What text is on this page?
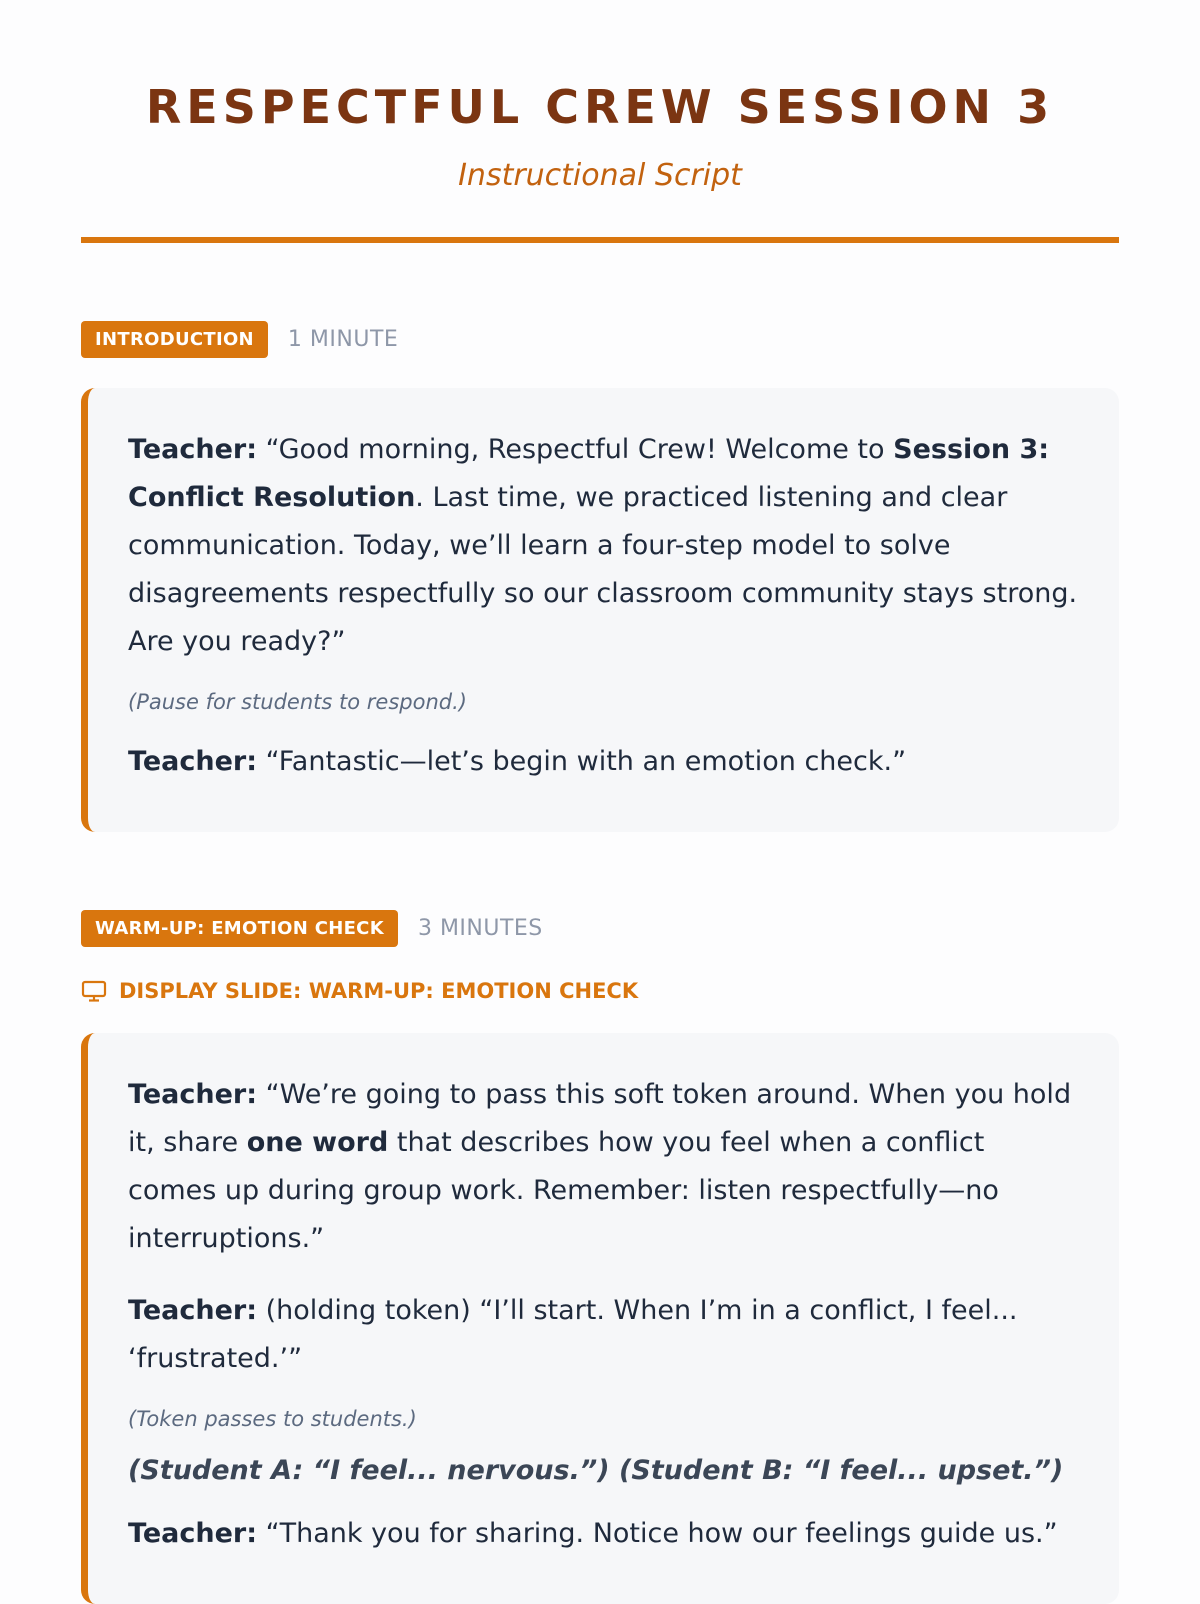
RESPECTFUL CREW SESSION 3
Instructional Script
INTRODUCTION	1 MINUTE

Teacher: “Good morning, Respectful Crew! Welcome to Session 3: Conflict Resolution. Last time, we practiced listening and clear communication. Today, we’ll learn a four-step model to solve disagreements respectfully so our classroom community stays strong. Are you ready?”

(Pause for students to respond.)

Teacher: “Fantastic—let’s begin with an emotion check.”

WARM-UP: EMOTION CHECK	3 MINUTES
DISPLAY SLIDE: WARM-UP: EMOTION CHECK

Teacher: “We’re going to pass this soft token around. When you hold it, share one word that describes how you feel when a conflict comes up during group work. Remember: listen respectfully—no interruptions.”

Teacher: (holding token) “I’ll start. When I’m in a conflict, I feel... ‘frustrated.’”

(Token passes to students.)

(Student A: “I feel... nervous.”) (Student B: “I feel... upset.”)

Teacher: “Thank you for sharing. Notice how our feelings guide us.”
